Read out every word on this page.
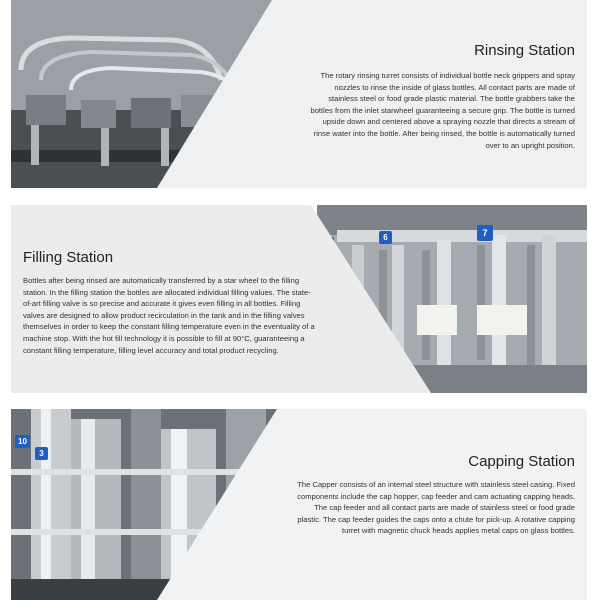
Rinsing Station

The rotary rinsing turret consists of individual bottle neck grippers and spray nozzles to rinse the inside of glass bottles. All contact parts are made of stainless steel or food grade plastic material. The bottle grabbers take the bottles from the inlet starwheel guaranteeing a secure grip. The bottle is turned upside down and centered above a spraying nozzle that directs a stream of rinse water into the bottle. After being rinsed, the bottle is automatically turned over to an upright position.

6	7
Filling Station

Bottles after being rinsed are automatically transferred by a star wheel to the filling station. In the filling station the bottles are allocated individual filling values. The state-of-art filling valve is so precise and accurate it gives even filling in all bottles. Filling valves are designed to allow product recirculation in the tank and in the filling valves themselves in order to keep the constant filling temperature even in the eventuality of a machine stop. With the hot fill technology it is possible to fill at 90°C, guaranteeing a constant filling temperature, filling level accuracy and total product recycling.

10
3	Capping Station

The Capper consists of an internal steel structure with stainless steel casing. Fixed components include the cap hopper, cap feeder and cam actuating capping heads. The cap feeder and all contact parts are made of stainless steel or food grade plastic. The cap feeder guides the caps onto a chute for pick-up. A rotative capping turret with magnetic chuck heads applies metal caps on glass bottles.
